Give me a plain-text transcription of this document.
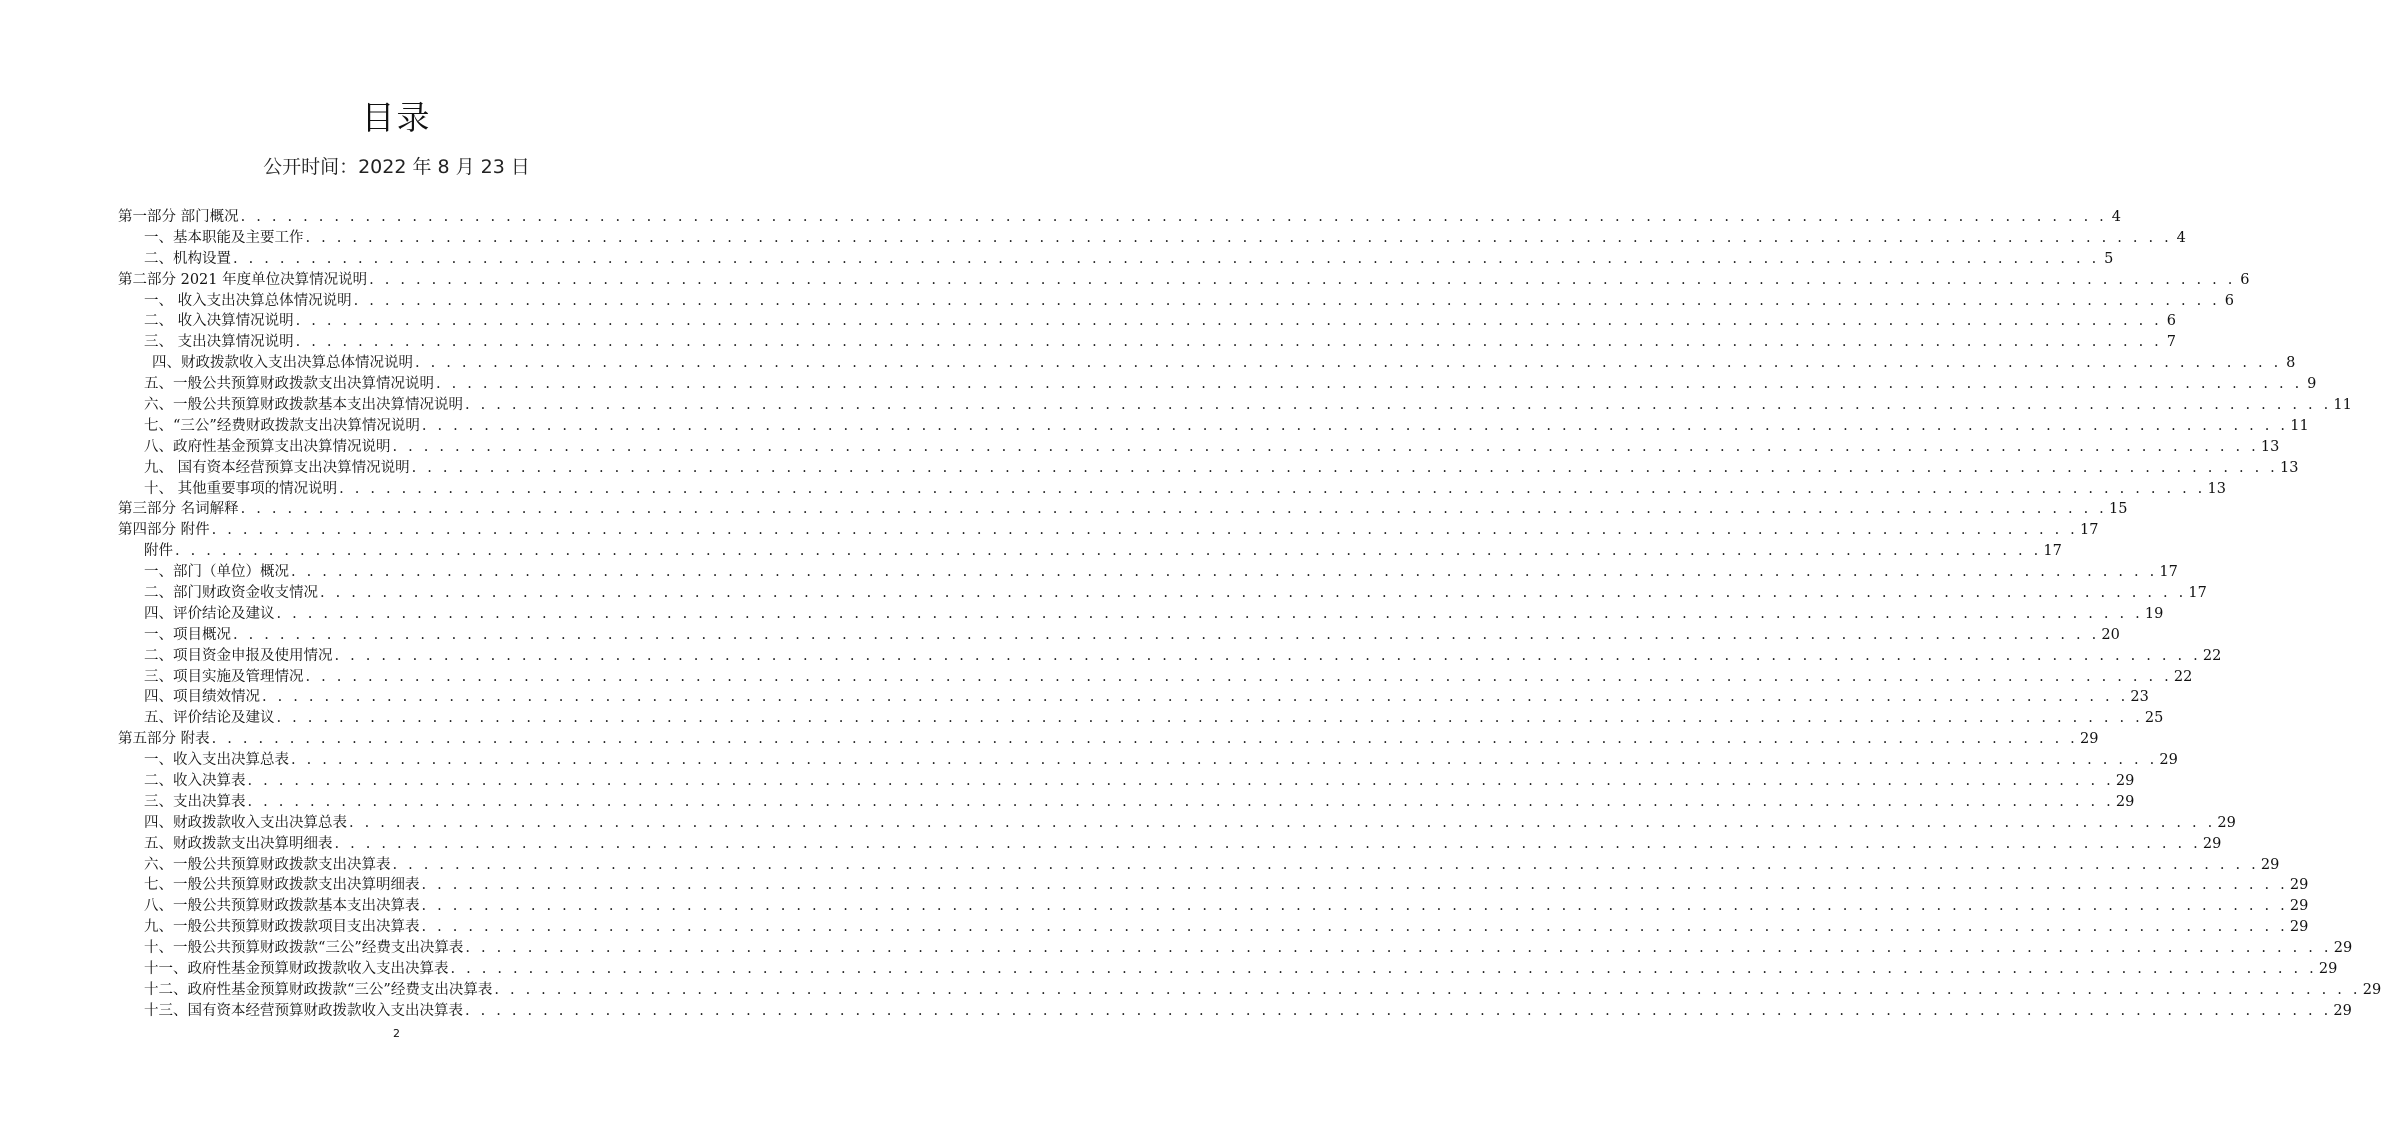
目录
公开时间：2022 年 8 月 23 日
第一部分 部门概况 . . . . . . . . . . . . . . . . . . . . . . . . . . . . . . . . . . . . . . . . . . . . . . . . . . . . . . . . . . . . . . . . . . . . . . . . . . . . . . . . . . . . . . . . . . . . . . . . . . . . . . . . . . . . . . . . . . . . . . . . 4
一、基本职能及主要工作 . . . . . . . . . . . . . . . . . . . . . . . . . . . . . . . . . . . . . . . . . . . . . . . . . . . . . . . . . . . . . . . . . . . . . . . . . . . . . . . . . . . . . . . . . . . . . . . . . . . . . . . . . . . . . . . . . . . . . . . . 4
二、机构设置 . . . . . . . . . . . . . . . . . . . . . . . . . . . . . . . . . . . . . . . . . . . . . . . . . . . . . . . . . . . . . . . . . . . . . . . . . . . . . . . . . . . . . . . . . . . . . . . . . . . . . . . . . . . . . . . . . . . . . . . . 5
第二部分 2021 年度单位决算情况说明 . . . . . . . . . . . . . . . . . . . . . . . . . . . . . . . . . . . . . . . . . . . . . . . . . . . . . . . . . . . . . . . . . . . . . . . . . . . . . . . . . . . . . . . . . . . . . . . . . . . . . . . . . . . . . . . . . . . . . . . . 6
一、 收入支出决算总体情况说明 . . . . . . . . . . . . . . . . . . . . . . . . . . . . . . . . . . . . . . . . . . . . . . . . . . . . . . . . . . . . . . . . . . . . . . . . . . . . . . . . . . . . . . . . . . . . . . . . . . . . . . . . . . . . . . . . . . . . . . . . 6
二、 收入决算情况说明 . . . . . . . . . . . . . . . . . . . . . . . . . . . . . . . . . . . . . . . . . . . . . . . . . . . . . . . . . . . . . . . . . . . . . . . . . . . . . . . . . . . . . . . . . . . . . . . . . . . . . . . . . . . . . . . . . . . . . . . . 6
三、 支出决算情况说明 . . . . . . . . . . . . . . . . . . . . . . . . . . . . . . . . . . . . . . . . . . . . . . . . . . . . . . . . . . . . . . . . . . . . . . . . . . . . . . . . . . . . . . . . . . . . . . . . . . . . . . . . . . . . . . . . . . . . . . . . 7
四、财政拨款收入支出决算总体情况说明 . . . . . . . . . . . . . . . . . . . . . . . . . . . . . . . . . . . . . . . . . . . . . . . . . . . . . . . . . . . . . . . . . . . . . . . . . . . . . . . . . . . . . . . . . . . . . . . . . . . . . . . . . . . . . . . . . . . . . . . . 8
五、一般公共预算财政拨款支出决算情况说明 . . . . . . . . . . . . . . . . . . . . . . . . . . . . . . . . . . . . . . . . . . . . . . . . . . . . . . . . . . . . . . . . . . . . . . . . . . . . . . . . . . . . . . . . . . . . . . . . . . . . . . . . . . . . . . . . . . . . . . . . 9
六、一般公共预算财政拨款基本支出决算情况说明 . . . . . . . . . . . . . . . . . . . . . . . . . . . . . . . . . . . . . . . . . . . . . . . . . . . . . . . . . . . . . . . . . . . . . . . . . . . . . . . . . . . . . . . . . . . . . . . . . . . . . . . . . . . . . . . . . . . . . . . . 11
七、“三公”经费财政拨款支出决算情况说明 . . . . . . . . . . . . . . . . . . . . . . . . . . . . . . . . . . . . . . . . . . . . . . . . . . . . . . . . . . . . . . . . . . . . . . . . . . . . . . . . . . . . . . . . . . . . . . . . . . . . . . . . . . . . . . . . . . . . . . . . 11
八、政府性基金预算支出决算情况说明 . . . . . . . . . . . . . . . . . . . . . . . . . . . . . . . . . . . . . . . . . . . . . . . . . . . . . . . . . . . . . . . . . . . . . . . . . . . . . . . . . . . . . . . . . . . . . . . . . . . . . . . . . . . . . . . . . . . . . . . . 13
九、 国有资本经营预算支出决算情况说明 . . . . . . . . . . . . . . . . . . . . . . . . . . . . . . . . . . . . . . . . . . . . . . . . . . . . . . . . . . . . . . . . . . . . . . . . . . . . . . . . . . . . . . . . . . . . . . . . . . . . . . . . . . . . . . . . . . . . . . . . 13
十、 其他重要事项的情况说明 . . . . . . . . . . . . . . . . . . . . . . . . . . . . . . . . . . . . . . . . . . . . . . . . . . . . . . . . . . . . . . . . . . . . . . . . . . . . . . . . . . . . . . . . . . . . . . . . . . . . . . . . . . . . . . . . . . . . . . . . 13
第三部分 名词解释 . . . . . . . . . . . . . . . . . . . . . . . . . . . . . . . . . . . . . . . . . . . . . . . . . . . . . . . . . . . . . . . . . . . . . . . . . . . . . . . . . . . . . . . . . . . . . . . . . . . . . . . . . . . . . . . . . . . . . . . . 15
第四部分 附件 . . . . . . . . . . . . . . . . . . . . . . . . . . . . . . . . . . . . . . . . . . . . . . . . . . . . . . . . . . . . . . . . . . . . . . . . . . . . . . . . . . . . . . . . . . . . . . . . . . . . . . . . . . . . . . . . . . . . . . . . 17
附件 . . . . . . . . . . . . . . . . . . . . . . . . . . . . . . . . . . . . . . . . . . . . . . . . . . . . . . . . . . . . . . . . . . . . . . . . . . . . . . . . . . . . . . . . . . . . . . . . . . . . . . . . . . . . . . . . . . . . . . . . 17
一、部门（单位）概况 . . . . . . . . . . . . . . . . . . . . . . . . . . . . . . . . . . . . . . . . . . . . . . . . . . . . . . . . . . . . . . . . . . . . . . . . . . . . . . . . . . . . . . . . . . . . . . . . . . . . . . . . . . . . . . . . . . . . . . . . 17
二、部门财政资金收支情况 . . . . . . . . . . . . . . . . . . . . . . . . . . . . . . . . . . . . . . . . . . . . . . . . . . . . . . . . . . . . . . . . . . . . . . . . . . . . . . . . . . . . . . . . . . . . . . . . . . . . . . . . . . . . . . . . . . . . . . . . 17
四、评价结论及建议 . . . . . . . . . . . . . . . . . . . . . . . . . . . . . . . . . . . . . . . . . . . . . . . . . . . . . . . . . . . . . . . . . . . . . . . . . . . . . . . . . . . . . . . . . . . . . . . . . . . . . . . . . . . . . . . . . . . . . . . . 19
一、项目概况 . . . . . . . . . . . . . . . . . . . . . . . . . . . . . . . . . . . . . . . . . . . . . . . . . . . . . . . . . . . . . . . . . . . . . . . . . . . . . . . . . . . . . . . . . . . . . . . . . . . . . . . . . . . . . . . . . . . . . . . . 20
二、项目资金申报及使用情况 . . . . . . . . . . . . . . . . . . . . . . . . . . . . . . . . . . . . . . . . . . . . . . . . . . . . . . . . . . . . . . . . . . . . . . . . . . . . . . . . . . . . . . . . . . . . . . . . . . . . . . . . . . . . . . . . . . . . . . . . 22
三、项目实施及管理情况 . . . . . . . . . . . . . . . . . . . . . . . . . . . . . . . . . . . . . . . . . . . . . . . . . . . . . . . . . . . . . . . . . . . . . . . . . . . . . . . . . . . . . . . . . . . . . . . . . . . . . . . . . . . . . . . . . . . . . . . . 22
四、项目绩效情况 . . . . . . . . . . . . . . . . . . . . . . . . . . . . . . . . . . . . . . . . . . . . . . . . . . . . . . . . . . . . . . . . . . . . . . . . . . . . . . . . . . . . . . . . . . . . . . . . . . . . . . . . . . . . . . . . . . . . . . . . 23
五、评价结论及建议 . . . . . . . . . . . . . . . . . . . . . . . . . . . . . . . . . . . . . . . . . . . . . . . . . . . . . . . . . . . . . . . . . . . . . . . . . . . . . . . . . . . . . . . . . . . . . . . . . . . . . . . . . . . . . . . . . . . . . . . . 25
第五部分 附表 . . . . . . . . . . . . . . . . . . . . . . . . . . . . . . . . . . . . . . . . . . . . . . . . . . . . . . . . . . . . . . . . . . . . . . . . . . . . . . . . . . . . . . . . . . . . . . . . . . . . . . . . . . . . . . . . . . . . . . . . 29
一、收入支出决算总表 . . . . . . . . . . . . . . . . . . . . . . . . . . . . . . . . . . . . . . . . . . . . . . . . . . . . . . . . . . . . . . . . . . . . . . . . . . . . . . . . . . . . . . . . . . . . . . . . . . . . . . . . . . . . . . . . . . . . . . . . 29
二、收入决算表 . . . . . . . . . . . . . . . . . . . . . . . . . . . . . . . . . . . . . . . . . . . . . . . . . . . . . . . . . . . . . . . . . . . . . . . . . . . . . . . . . . . . . . . . . . . . . . . . . . . . . . . . . . . . . . . . . . . . . . . . 29
三、支出决算表 . . . . . . . . . . . . . . . . . . . . . . . . . . . . . . . . . . . . . . . . . . . . . . . . . . . . . . . . . . . . . . . . . . . . . . . . . . . . . . . . . . . . . . . . . . . . . . . . . . . . . . . . . . . . . . . . . . . . . . . . 29
四、财政拨款收入支出决算总表 . . . . . . . . . . . . . . . . . . . . . . . . . . . . . . . . . . . . . . . . . . . . . . . . . . . . . . . . . . . . . . . . . . . . . . . . . . . . . . . . . . . . . . . . . . . . . . . . . . . . . . . . . . . . . . . . . . . . . . . . 29
五、财政拨款支出决算明细表 . . . . . . . . . . . . . . . . . . . . . . . . . . . . . . . . . . . . . . . . . . . . . . . . . . . . . . . . . . . . . . . . . . . . . . . . . . . . . . . . . . . . . . . . . . . . . . . . . . . . . . . . . . . . . . . . . . . . . . . . 29
六、一般公共预算财政拨款支出决算表 . . . . . . . . . . . . . . . . . . . . . . . . . . . . . . . . . . . . . . . . . . . . . . . . . . . . . . . . . . . . . . . . . . . . . . . . . . . . . . . . . . . . . . . . . . . . . . . . . . . . . . . . . . . . . . . . . . . . . . . . 29
七、一般公共预算财政拨款支出决算明细表 . . . . . . . . . . . . . . . . . . . . . . . . . . . . . . . . . . . . . . . . . . . . . . . . . . . . . . . . . . . . . . . . . . . . . . . . . . . . . . . . . . . . . . . . . . . . . . . . . . . . . . . . . . . . . . . . . . . . . . . . 29
八、一般公共预算财政拨款基本支出决算表 . . . . . . . . . . . . . . . . . . . . . . . . . . . . . . . . . . . . . . . . . . . . . . . . . . . . . . . . . . . . . . . . . . . . . . . . . . . . . . . . . . . . . . . . . . . . . . . . . . . . . . . . . . . . . . . . . . . . . . . . 29
九、一般公共预算财政拨款项目支出决算表 . . . . . . . . . . . . . . . . . . . . . . . . . . . . . . . . . . . . . . . . . . . . . . . . . . . . . . . . . . . . . . . . . . . . . . . . . . . . . . . . . . . . . . . . . . . . . . . . . . . . . . . . . . . . . . . . . . . . . . . . 29
十、一般公共预算财政拨款“三公”经费支出决算表 . . . . . . . . . . . . . . . . . . . . . . . . . . . . . . . . . . . . . . . . . . . . . . . . . . . . . . . . . . . . . . . . . . . . . . . . . . . . . . . . . . . . . . . . . . . . . . . . . . . . . . . . . . . . . . . . . . . . . . . . 29
十一、政府性基金预算财政拨款收入支出决算表 . . . . . . . . . . . . . . . . . . . . . . . . . . . . . . . . . . . . . . . . . . . . . . . . . . . . . . . . . . . . . . . . . . . . . . . . . . . . . . . . . . . . . . . . . . . . . . . . . . . . . . . . . . . . . . . . . . . . . . . . 29
十二、政府性基金预算财政拨款“三公”经费支出决算表 . . . . . . . . . . . . . . . . . . . . . . . . . . . . . . . . . . . . . . . . . . . . . . . . . . . . . . . . . . . . . . . . . . . . . . . . . . . . . . . . . . . . . . . . . . . . . . . . . . . . . . . . . . . . . . . . . . . . . . . . 29
十三、国有资本经营预算财政拨款收入支出决算表 . . . . . . . . . . . . . . . . . . . . . . . . . . . . . . . . . . . . . . . . . . . . . . . . . . . . . . . . . . . . . . . . . . . . . . . . . . . . . . . . . . . . . . . . . . . . . . . . . . . . . . . . . . . . . . . . . . . . . . . . 29
2
